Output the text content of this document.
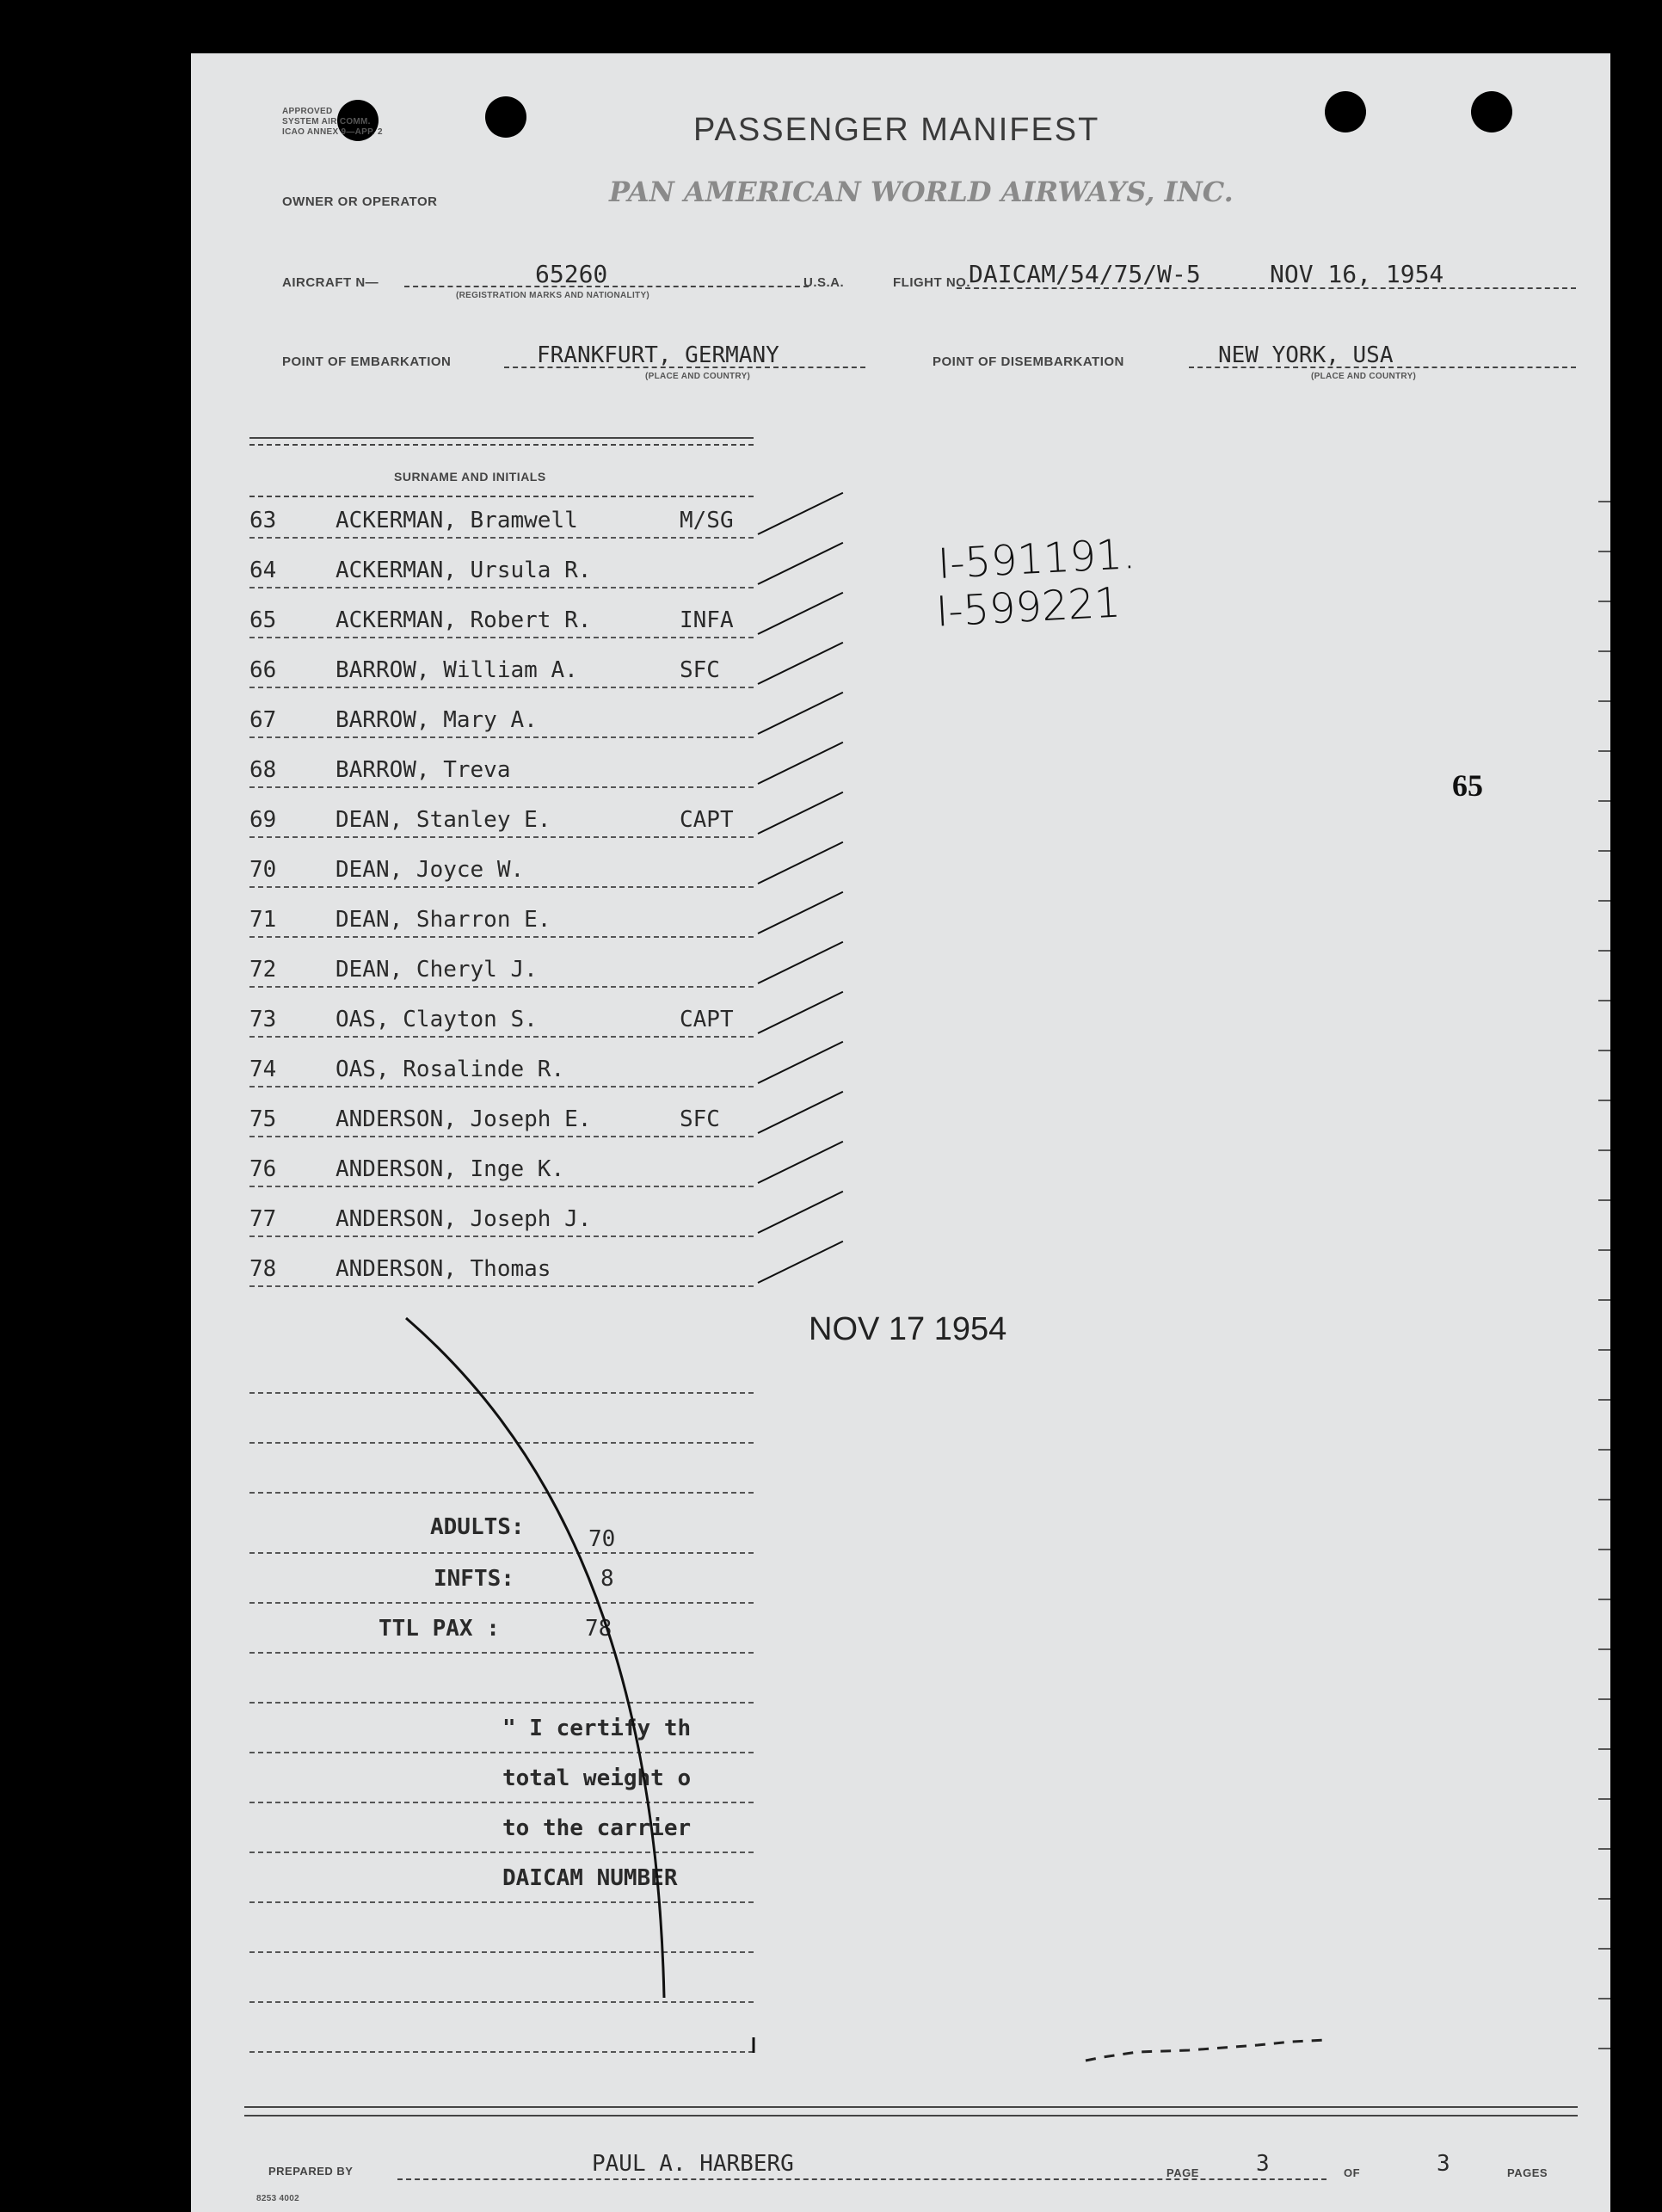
APPROVED
SYSTEM AIR COMM.
ICAO ANNEX 9—APP. 2	PASSENGER MANIFEST
OWNER OR OPERATOR	PAN AMERICAN WORLD AIRWAYS, INC.
AIRCRAFT N—	65260
(REGISTRATION MARKS AND NATIONALITY)
U.S.A.	FLIGHT NO.
DAICAM/54/75/W-5	NOV 16, 1954
POINT OF EMBARKATION	FRANKFURT, GERMANY
(PLACE AND COUNTRY)
POINT OF DISEMBARKATION	NEW YORK, USA
(PLACE AND COUNTRY)
SURNAME AND INITIALS
63	ACKERMAN, Bramwell	M/SG
64	ACKERMAN, Ursula R.
65	ACKERMAN, Robert R.	INFA
66	BARROW, William A.	SFC
67	BARROW, Mary A.
68	BARROW, Treva
69	DEAN, Stanley E.	CAPT
70	DEAN, Joyce W.
71	DEAN, Sharron E.
72	DEAN, Cheryl J.
73	OAS, Clayton S.	CAPT
74	OAS, Rosalinde R.
75	ANDERSON, Joseph E.	SFC
76	ANDERSON, Inge K.
77	ANDERSON, Joseph J.
78	ANDERSON, Thomas
I-591191.
I-599221
65
NOV 17 1954
ADULTS:	70
INFTS:	8
TTL PAX :	78
" I certify th
total weight o
to the carrier
DAICAM NUMBER
PREPARED BY	PAUL A. HARBERG	PAGE	3	OF	3	PAGES
8253 4002
